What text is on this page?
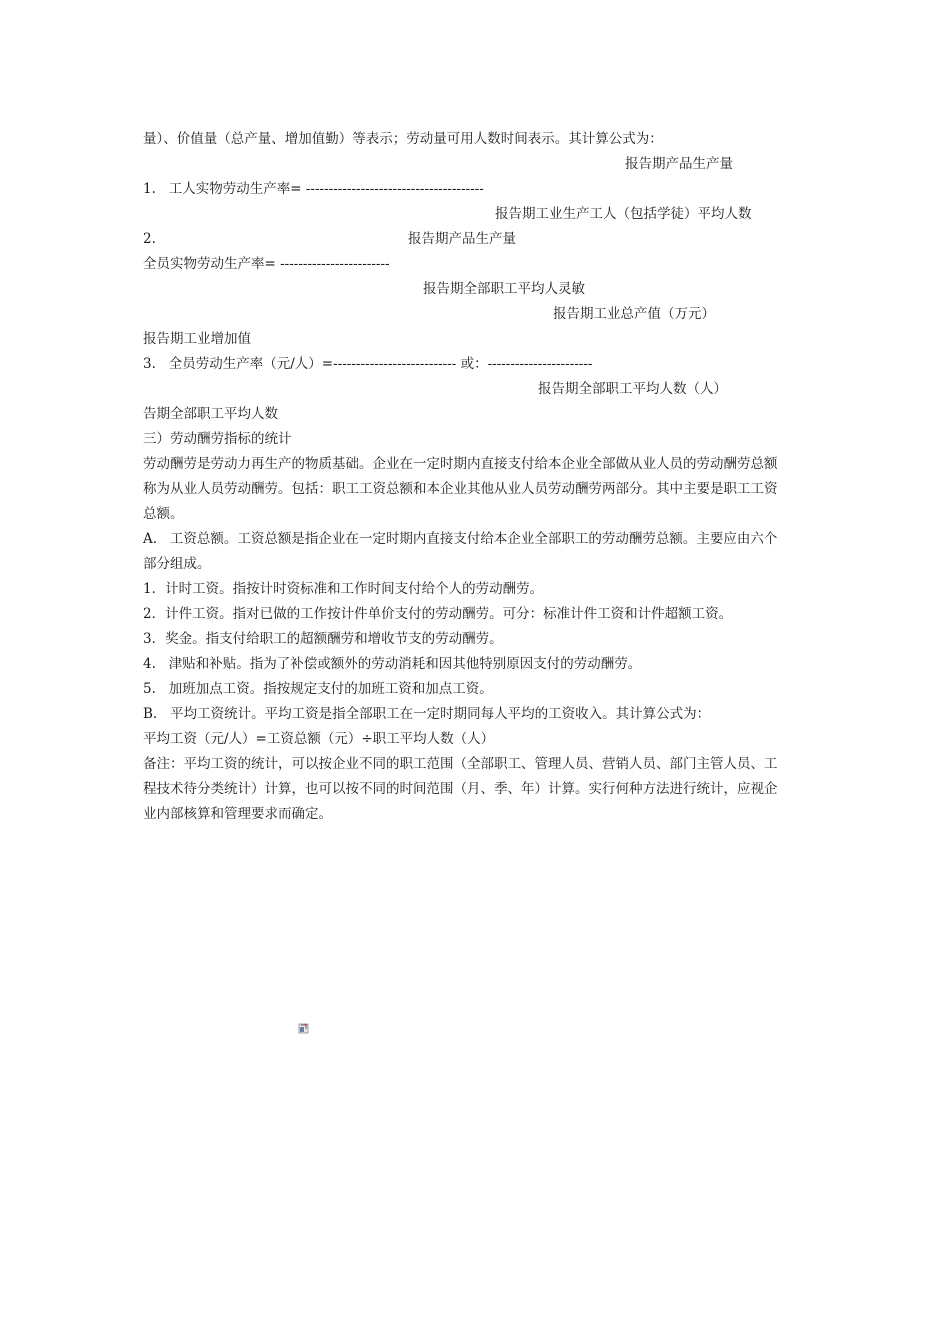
量）、价值量（总产量、增加值勤）等表示；劳动量可用人数时间表示。其计算公式为：
报告期产品生产量
1.   工人实物劳动生产率= ---------------------------------------
报告期工业生产工人（包括学徒）平均人数
2.	报告期产品生产量
全员实物劳动生产率= ------------------------
报告期全部职工平均人灵敏
报告期工业总产值（万元）
报告期工业增加值
3.   全员劳动生产率（元/人）=--------------------------- 或：-----------------------
报告期全部职工平均人数（人）
告期全部职工平均人数
三）劳动酬劳指标的统计
劳动酬劳是劳动力再生产的物质基础。企业在一定时期内直接支付给本企业全部做从业人员的劳动酬劳总额
称为从业人员劳动酬劳。包括：职工工资总额和本企业其他从业人员劳动酬劳两部分。其中主要是职工工资
总额。
A.   工资总额。工资总额是指企业在一定时期内直接支付给本企业全部职工的劳动酬劳总额。主要应由六个
部分组成。
1．计时工资。指按计时资标准和工作时间支付给个人的劳动酬劳。
2．计件工资。指对已做的工作按计件单价支付的劳动酬劳。可分：标准计件工资和计件超额工资。
3．奖金。指支付给职工的超额酬劳和增收节支的劳动酬劳。
4.   津贴和补贴。指为了补偿或额外的劳动消耗和因其他特别原因支付的劳动酬劳。
5.   加班加点工资。指按规定支付的加班工资和加点工资。
B.   平均工资统计。平均工资是指全部职工在一定时期同每人平均的工资收入。其计算公式为：
平均工资（元/人）=工资总额（元）÷职工平均人数（人）
备注：平均工资的统计，可以按企业不同的职工范围（全部职工、管理人员、营销人员、部门主管人员、工
程技术待分类统计）计算，也可以按不同的时间范围（月、季、年）计算。实行何种方法进行统计，应视企
业内部核算和管理要求而确定。
